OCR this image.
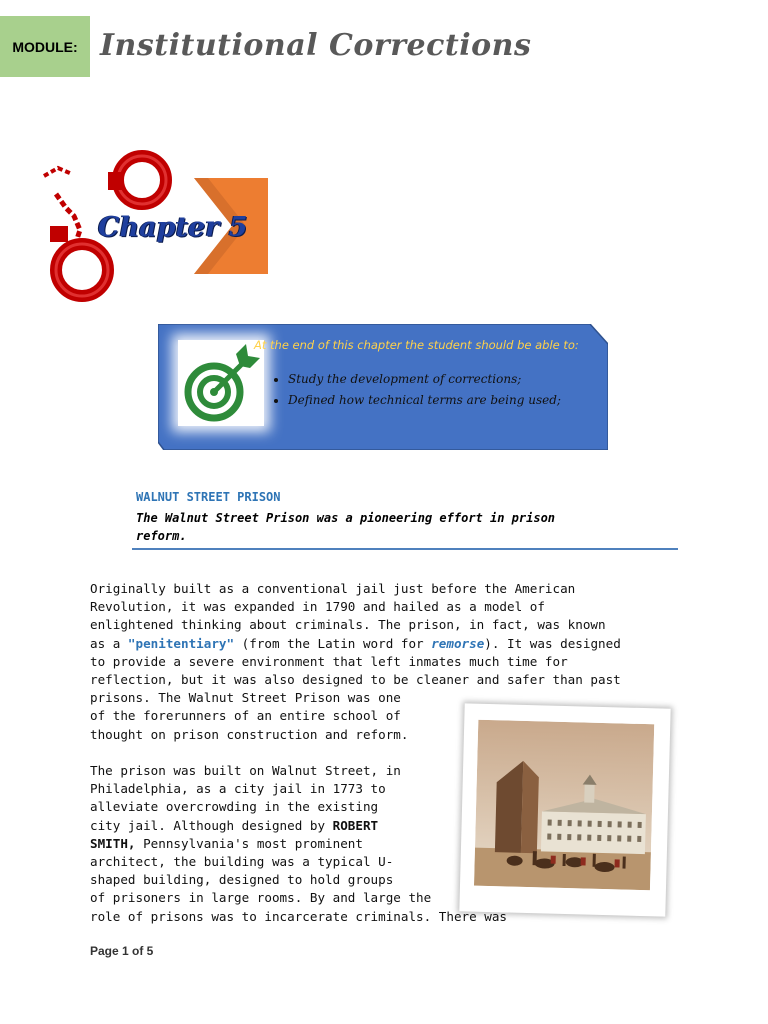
MODULE: Institutional Corrections
Chapter 5
At the end of this chapter the student should be able to:
• Study the development of corrections;
• Defined how technical terms are being used;
WALNUT STREET PRISON
The Walnut Street Prison was a pioneering effort in prison
reform.
Originally built as a conventional jail just before the American
Revolution, it was expanded in 1790 and hailed as a model of
enlightened thinking about criminals. The prison, in fact, was known
as a "penitentiary" (from the Latin word for remorse). It was designed
to provide a severe environment that left inmates much time for
reflection, but it was also designed to be cleaner and safer than past
prisons. The Walnut Street Prison was one
of the forerunners of an entire school of
thought on prison construction and reform.
The prison was built on Walnut Street, in
Philadelphia, as a city jail in 1773 to
alleviate overcrowding in the existing
city jail. Although designed by ROBERT
SMITH, Pennsylvania's most prominent
architect, the building was a typical U-
shaped building, designed to hold groups
of prisoners in large rooms. By and large the
role of prisons was to incarcerate criminals. There was
Page 1 of 5
